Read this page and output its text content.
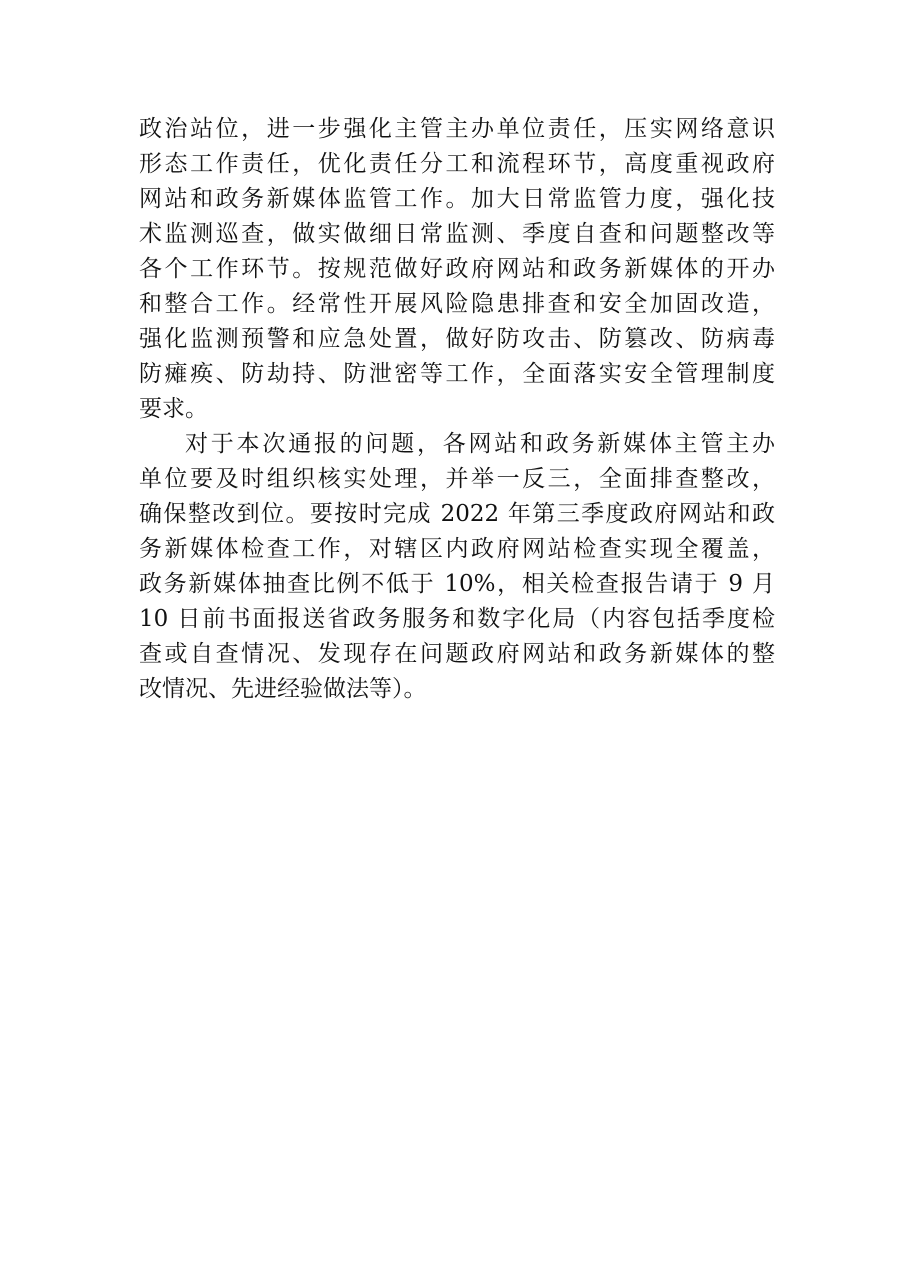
政治站位，进一步强化主管主办单位责任，压实网络意识
形态工作责任，优化责任分工和流程环节，高度重视政府
网站和政务新媒体监管工作。加大日常监管力度，强化技
术监测巡查，做实做细日常监测、季度自查和问题整改等
各个工作环节。按规范做好政府网站和政务新媒体的开办
和整合工作。经常性开展风险隐患排查和安全加固改造，
强化监测预警和应急处置，做好防攻击、防篡改、防病毒
防瘫痪、防劫持、防泄密等工作，全面落实安全管理制度
要求。
对于本次通报的问题，各网站和政务新媒体主管主办
单位要及时组织核实处理，并举一反三，全面排查整改，
确保整改到位。要按时完成 2022 年第三季度政府网站和政
务新媒体检查工作，对辖区内政府网站检查实现全覆盖，
政务新媒体抽查比例不低于 10%，相关检查报告请于 9 月
10 日前书面报送省政务服务和数字化局（内容包括季度检
查或自查情况、发现存在问题政府网站和政务新媒体的整
改情况、先进经验做法等）。
